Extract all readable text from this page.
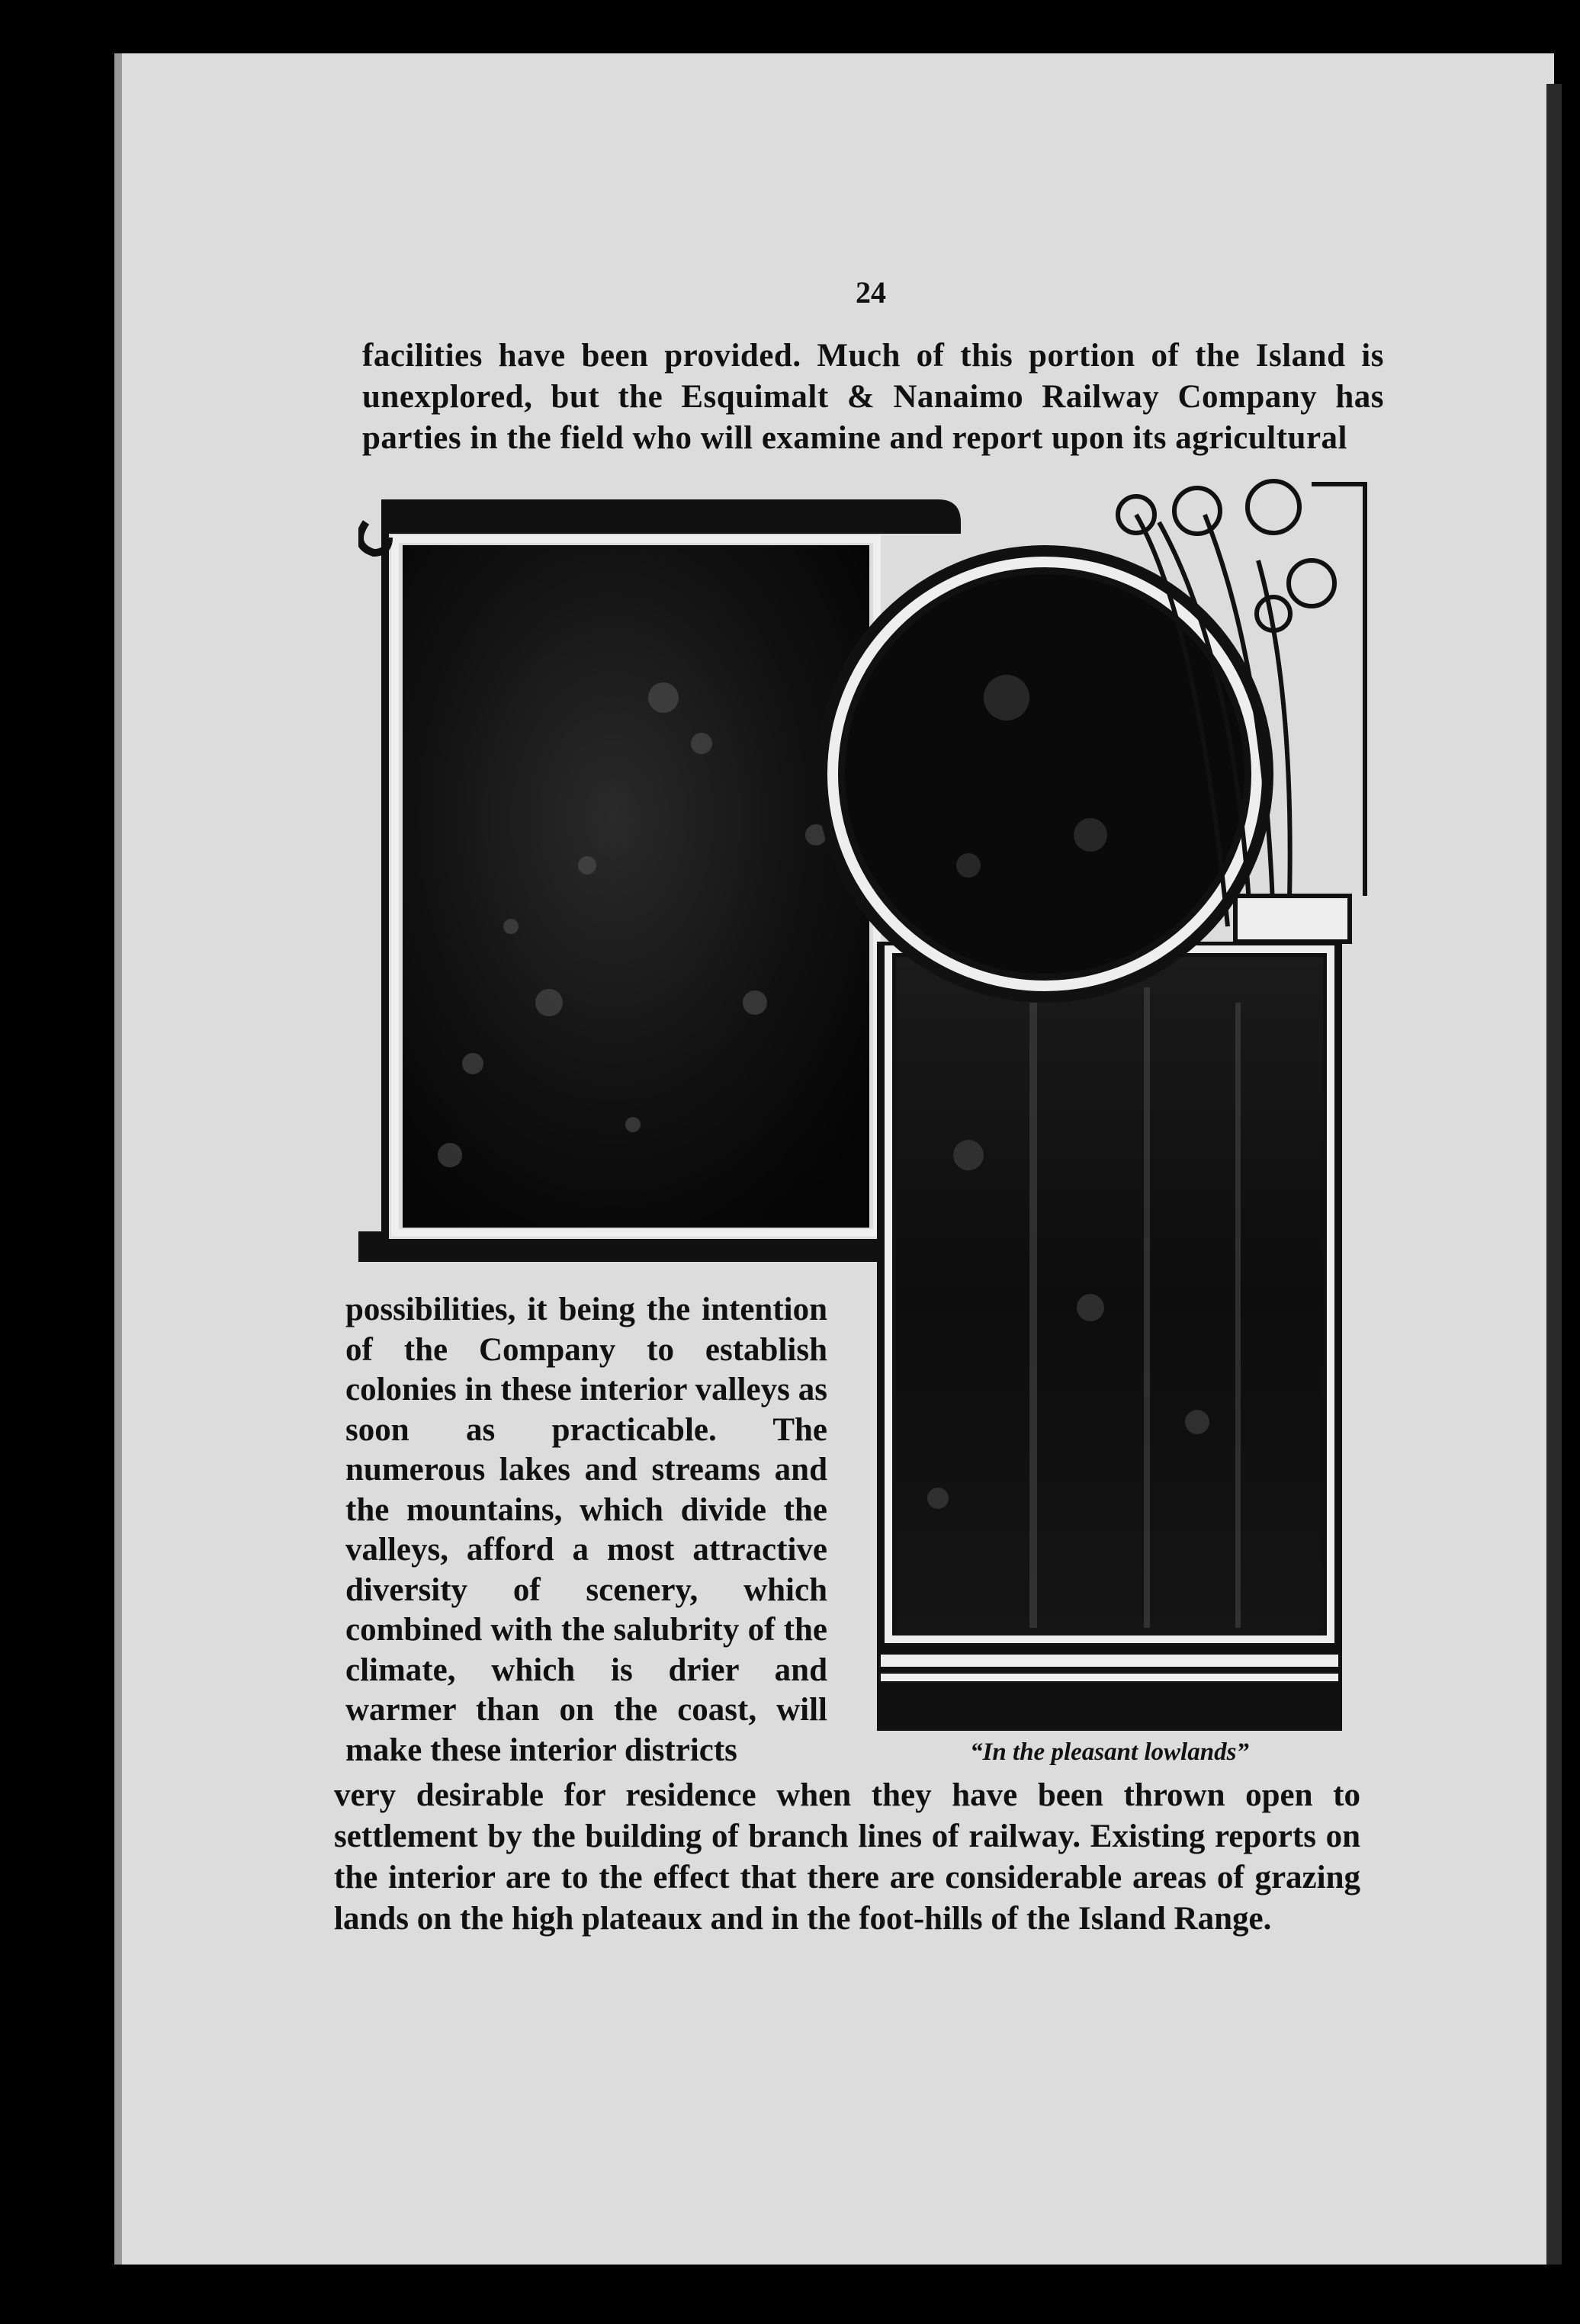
24
facilities have been provided. Much of this portion of the Island is unexplored, but the Esquimalt & Nanaimo Railway Company has parties in the field who will examine and report upon its agricultural
possibilities, it being the intention of the Company to establish colonies in these interior valleys as soon as practicable. The numerous lakes and streams and the mountains, which divide the valleys, afford a most attractive diversity of scenery, which combined with the salubrity of the climate, which is drier and warmer than on the coast, will make these interior districts	“In the pleasant lowlands”
very desirable for residence when they have been thrown open to settlement by the building of branch lines of railway. Existing reports on the interior are to the effect that there are considerable areas of grazing lands on the high plateaux and in the foot-hills of the Island Range.
